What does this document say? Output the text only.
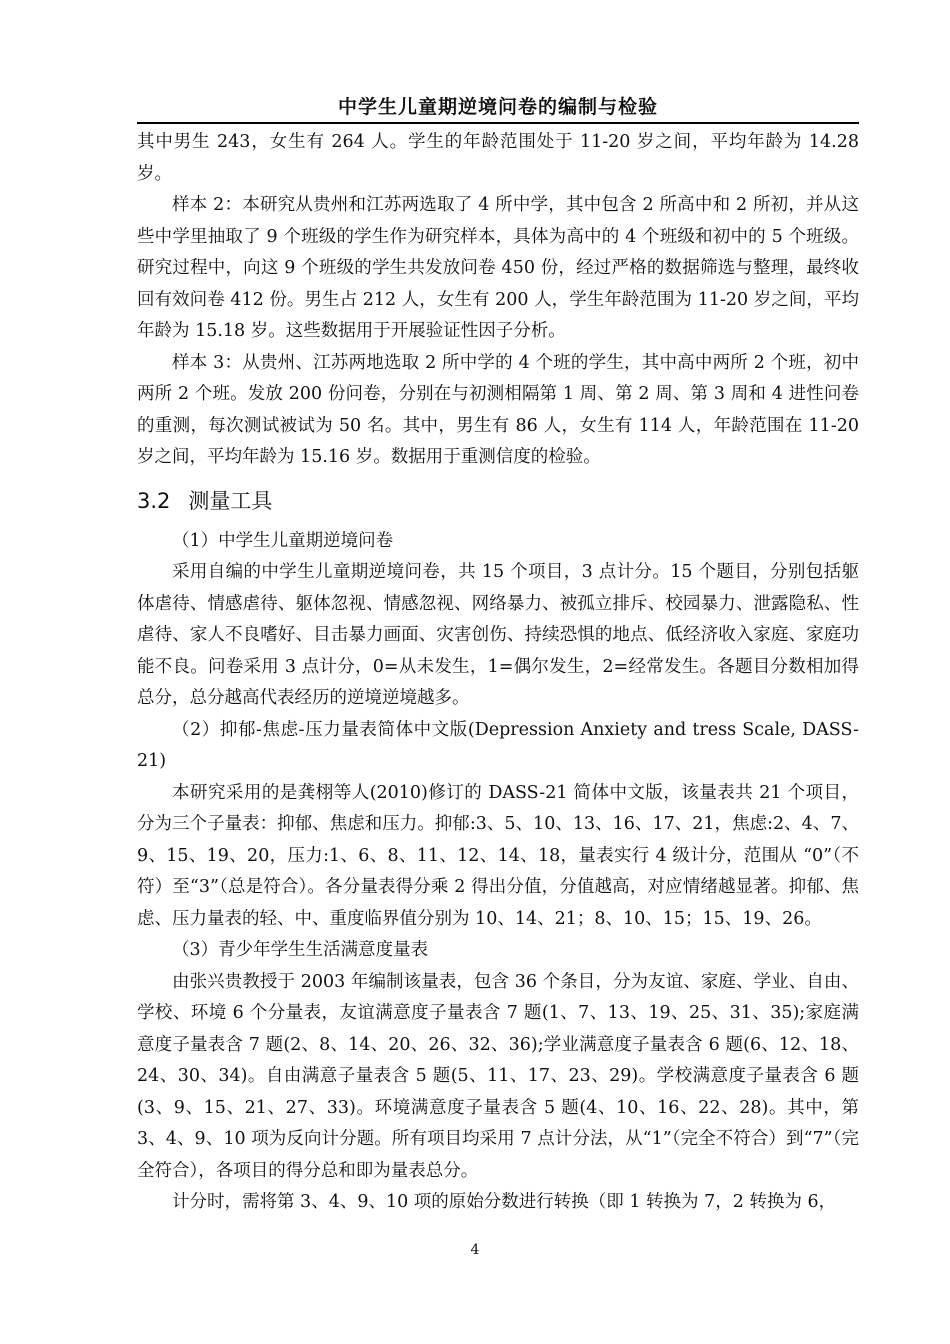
中学生儿童期逆境问卷的编制与检验

其中男生 243，女生有 264 人。学生的年龄范围处于 11-20 岁之间，平均年龄为 14.28 岁。

样本 2：本研究从贵州和江苏两选取了 4 所中学，其中包含 2 所高中和 2 所初，并从这些中学里抽取了 9 个班级的学生作为研究样本，具体为高中的 4 个班级和初中的 5 个班级。研究过程中，向这 9 个班级的学生共发放问卷 450 份，经过严格的数据筛选与整理，最终收回有效问卷 412 份。男生占 212 人，女生有 200 人，学生年龄范围为 11-20 岁之间，平均年龄为 15.18 岁。这些数据用于开展验证性因子分析。

样本 3：从贵州、江苏两地选取 2 所中学的 4 个班的学生，其中高中两所 2 个班，初中两所 2 个班。发放 200 份问卷，分别在与初测相隔第 1 周、第 2 周、第 3 周和 4 进性问卷的重测，每次测试被试为 50 名。其中，男生有 86 人，女生有 114 人，年龄范围在 11-20 岁之间，平均年龄为 15.16 岁。数据用于重测信度的检验。

3.2 测量工具

（1）中学生儿童期逆境问卷

采用自编的中学生儿童期逆境问卷，共 15 个项目，3 点计分。15 个题目，分别包括躯体虐待、情感虐待、躯体忽视、情感忽视、网络暴力、被孤立排斥、校园暴力、泄露隐私、性虐待、家人不良嗜好、目击暴力画面、灾害创伤、持续恐惧的地点、低经济收入家庭、家庭功能不良。问卷采用 3 点计分，0=从未发生，1=偶尔发生，2=经常发生。各题目分数相加得总分，总分越高代表经历的逆境逆境越多。

（2）抑郁-焦虑-压力量表简体中文版(Depression Anxiety and tress Scale, DASS-21)

本研究采用的是龚栩等人(2010)修订的 DASS-21 简体中文版，该量表共 21 个项目，分为三个子量表：抑郁、焦虑和压力。抑郁:3、5、10、13、16、17、21，焦虑:2、4、7、9、15、19、20，压力:1、6、8、11、12、14、18，量表实行 4 级计分，范围从 “0”（不符）至“3”（总是符合）。各分量表得分乘 2 得出分值，分值越高，对应情绪越显著。抑郁、焦虑、压力量表的轻、中、重度临界值分别为 10、14、21；8、10、15；15、19、26。

（3）青少年学生生活满意度量表

由张兴贵教授于 2003 年编制该量表，包含 36 个条目，分为友谊、家庭、学业、自由、学校、环境 6 个分量表，友谊满意度子量表含 7 题(1、7、13、19、25、31、35);家庭满意度子量表含 7 题(2、8、14、20、26、32、36);学业满意度子量表含 6 题(6、12、18、24、30、34)。自由满意子量表含 5 题(5、11、17、23、29)。学校满意度子量表含 6 题(3、9、15、21、27、33)。环境满意度子量表含 5 题(4、10、16、22、28)。其中，第 3、4、9、10 项为反向计分题。所有项目均采用 7 点计分法，从“1”（完全不符合）到“7”（完全符合），各项目的得分总和即为量表总分。

计分时，需将第 3、4、9、10 项的原始分数进行转换（即 1 转换为 7，2 转换为 6，

4
